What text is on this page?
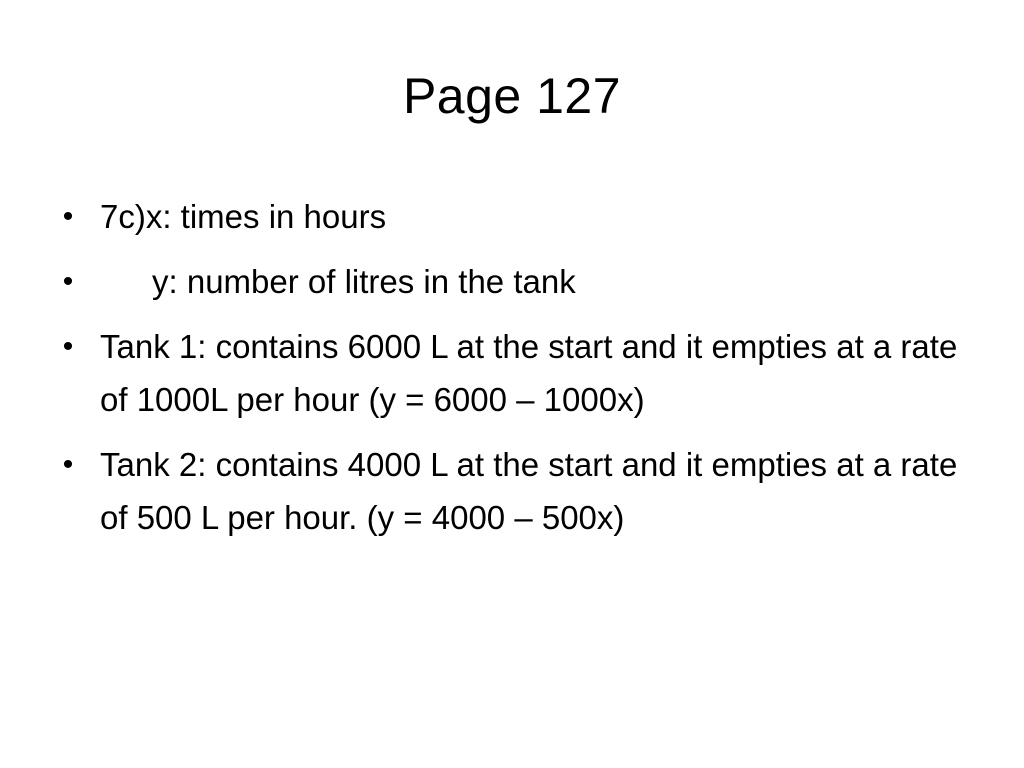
Page 127
• 7c)x: times in hours
• y: number of litres in the tank
• Tank 1: contains 6000 L at the start and it empties at a rate of 1000L per hour (y = 6000 – 1000x)
• Tank 2: contains 4000 L at the start and it empties at a rate of 500 L per hour. (y = 4000 – 500x)
